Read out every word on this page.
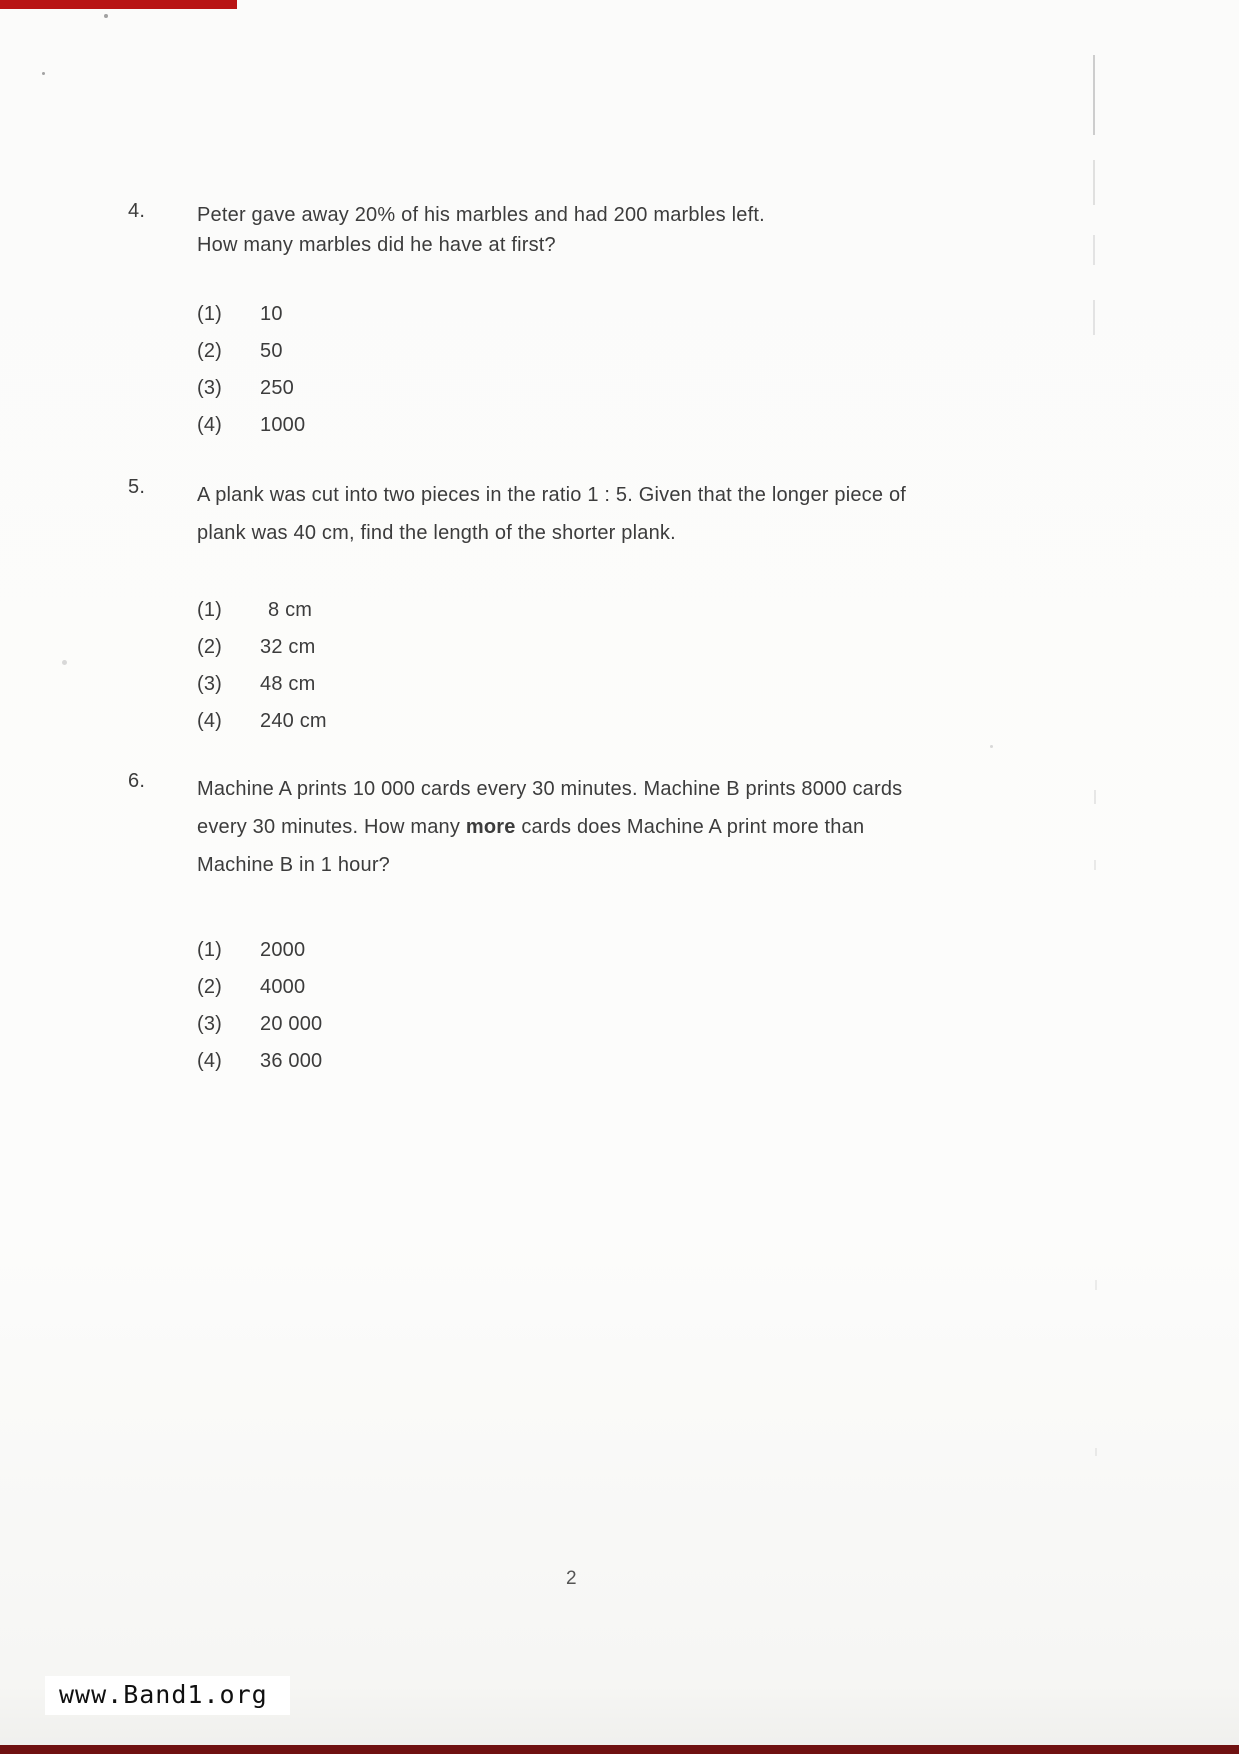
4.	Peter gave away 20% of his marbles and had 200 marbles left.
How many marbles did he have at first?
(1)	10
(2)	50
(3)	250
(4)	1000
5.	A plank was cut into two pieces in the ratio 1 : 5. Given that the longer piece of
plank was 40 cm, find the length of the shorter plank.
(1)	8 cm
(2)	32 cm
(3)	48 cm
(4)	240 cm
6.	Machine A prints 10 000 cards every 30 minutes. Machine B prints 8000 cards
every 30 minutes. How many more cards does Machine A print more than
Machine B in 1 hour?
(1)	2000
(2)	4000
(3)	20 000
(4)	36 000
2
www.Band1.org
